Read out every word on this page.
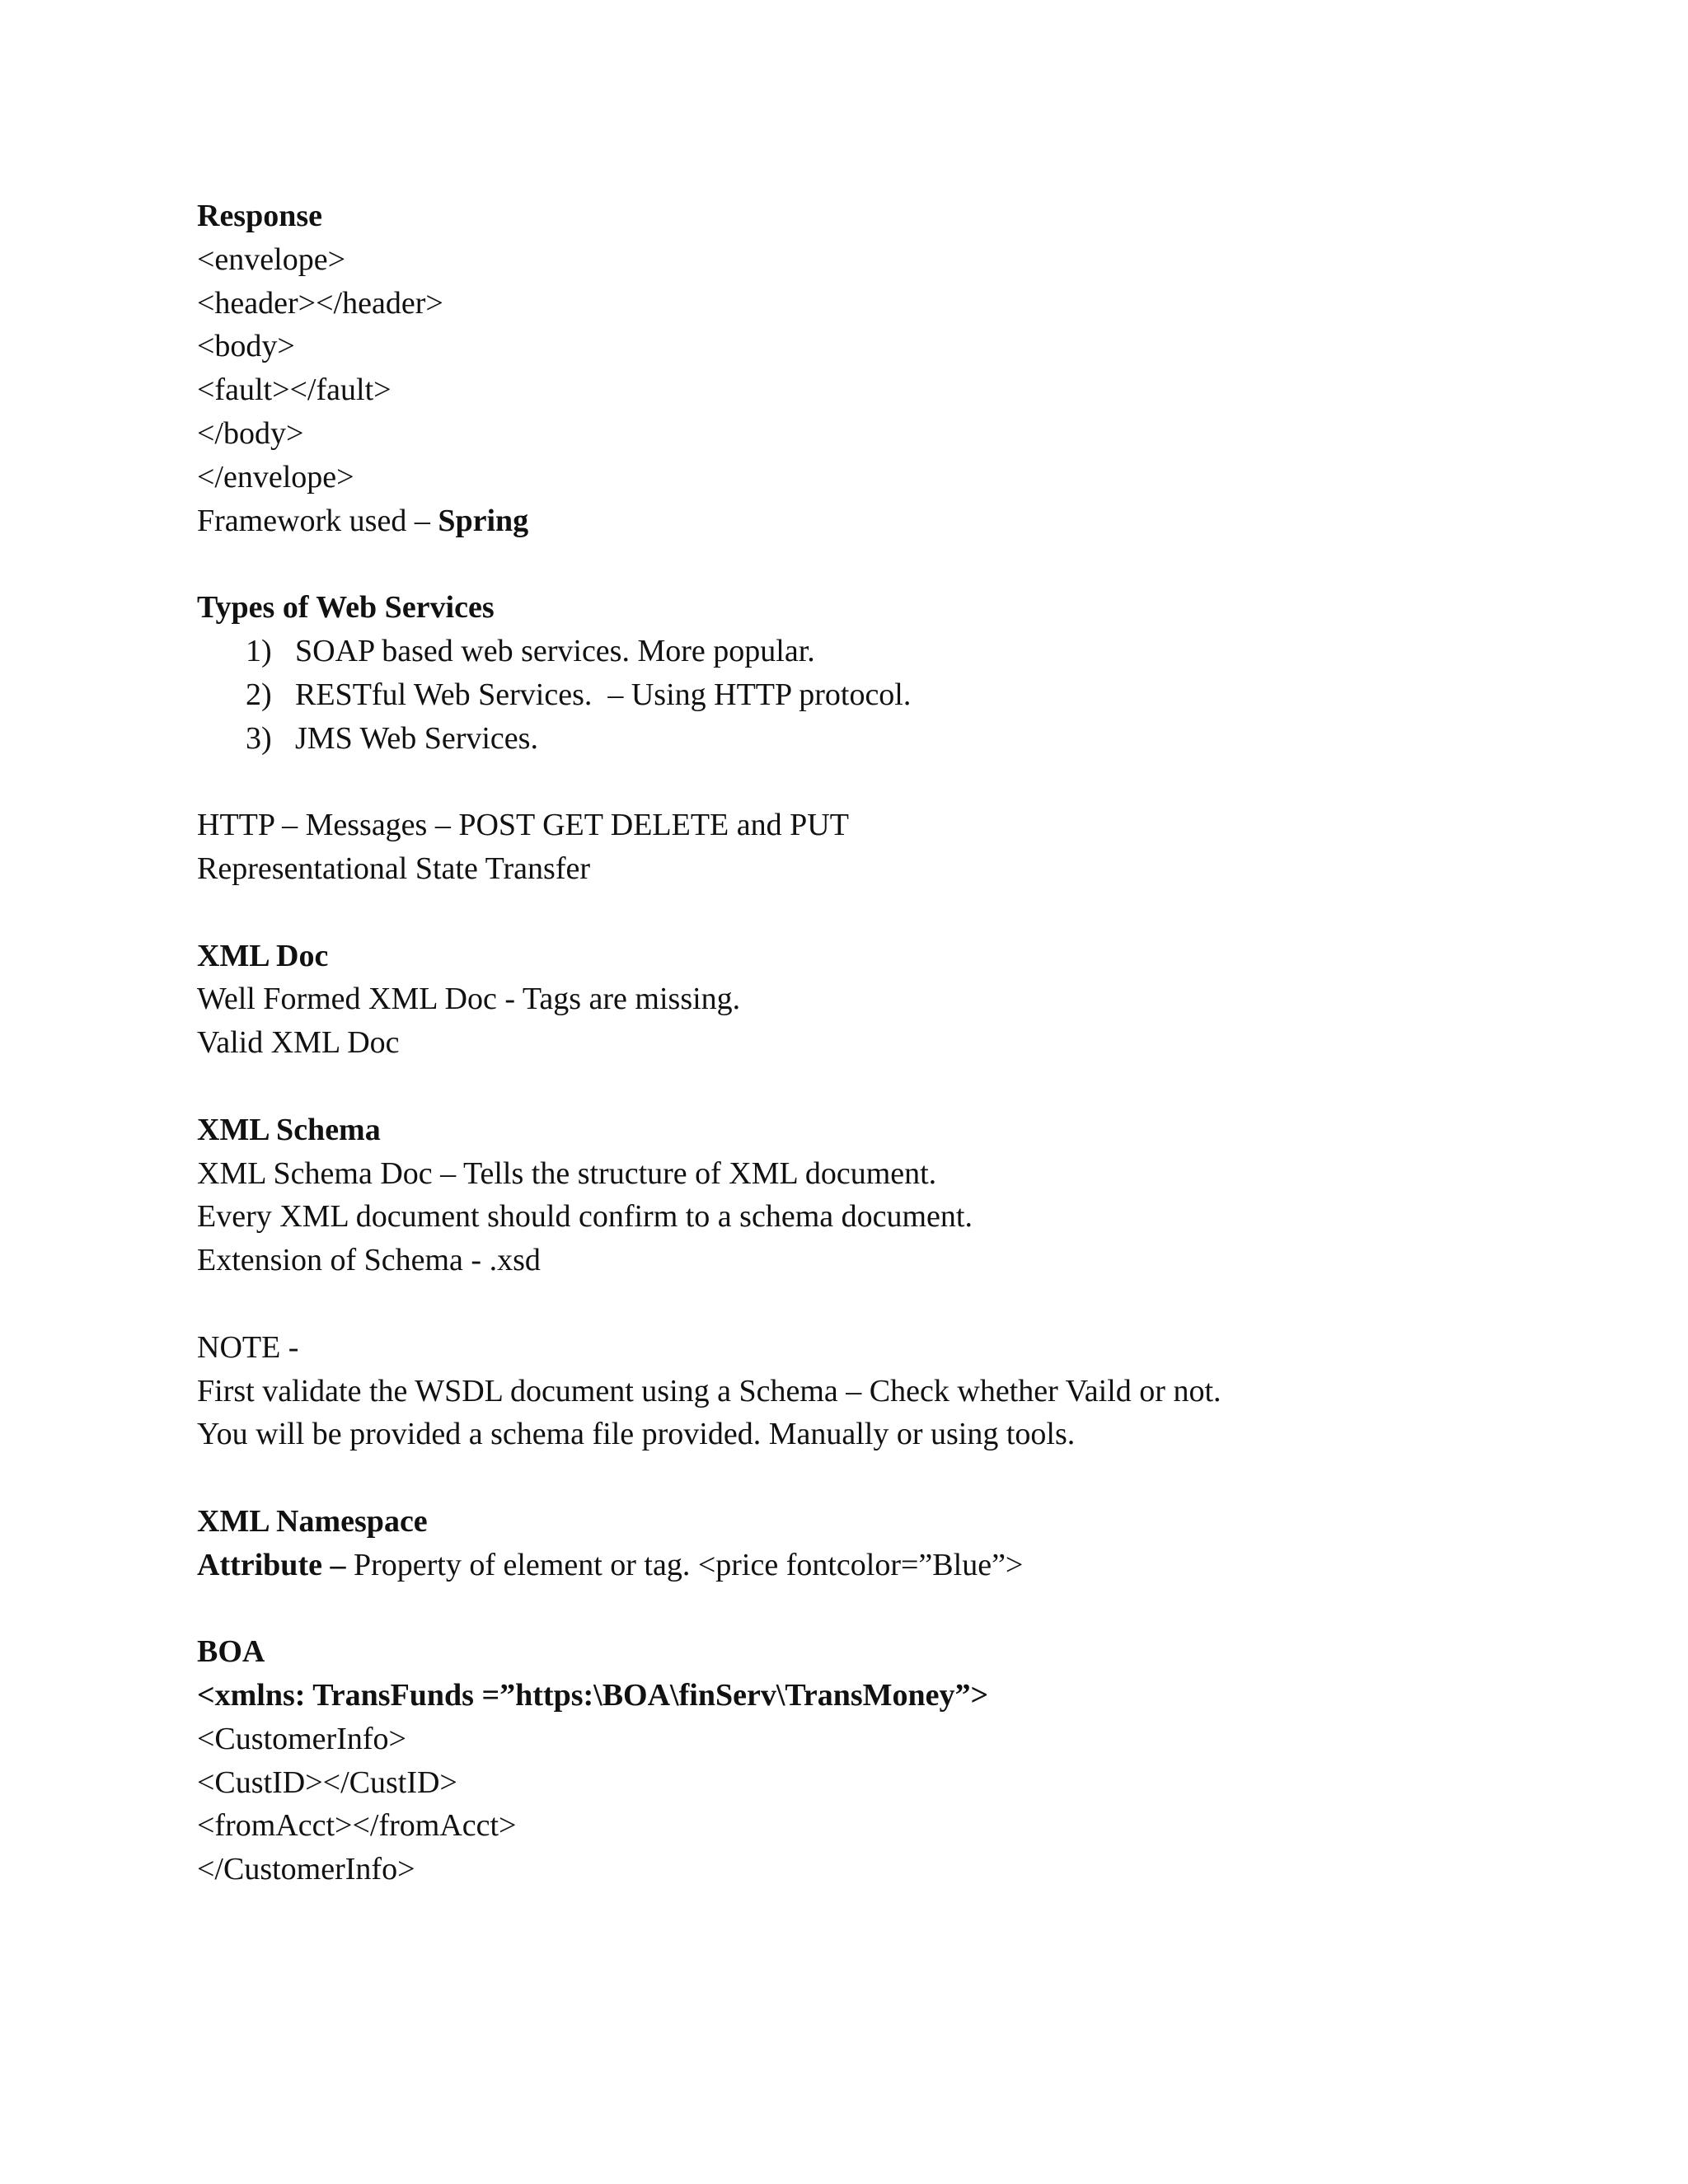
Response
<envelope>
<header></header>
<body>
<fault></fault>
</body>
</envelope>
Framework used – Spring
Types of Web Services
1) SOAP based web services. More popular.
2) RESTful Web Services.  – Using HTTP protocol.
3) JMS Web Services.
HTTP – Messages – POST GET DELETE and PUT
Representational State Transfer
XML Doc
Well Formed XML Doc - Tags are missing.
Valid XML Doc
XML Schema
XML Schema Doc – Tells the structure of XML document.
Every XML document should confirm to a schema document.
Extension of Schema - .xsd
NOTE -
First validate the WSDL document using a Schema – Check whether Vaild or not.
You will be provided a schema file provided. Manually or using tools.
XML Namespace
Attribute – Property of element or tag. <price fontcolor=”Blue”>
BOA
<xmlns: TransFunds =”https:\BOA\finServ\TransMoney”>
<CustomerInfo>
<CustID></CustID>
<fromAcct></fromAcct>
</CustomerInfo>
